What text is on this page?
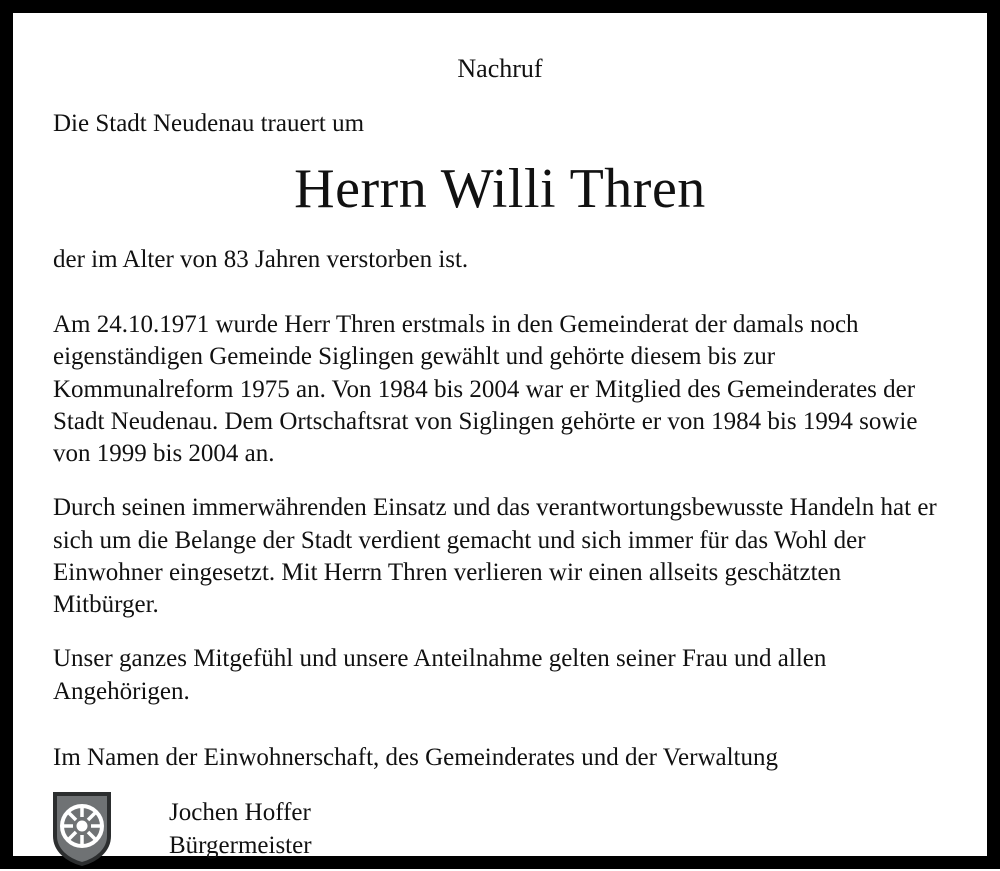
Nachruf
Die Stadt Neudenau trauert um
Herrn Willi Thren
der im Alter von 83 Jahren verstorben ist.

Am 24.10.1971 wurde Herr Thren erstmals in den Gemeinderat der damals noch eigenständigen Gemeinde Siglingen gewählt und gehörte diesem bis zur Kommunalreform 1975 an. Von 1984 bis 2004 war er Mitglied des Gemeinderates der Stadt Neudenau. Dem Ortschaftsrat von Siglingen gehörte er von 1984 bis 1994 sowie von 1999 bis 2004 an.

Durch seinen immerwährenden Einsatz und das verantwortungsbewusste Handeln hat er sich um die Belange der Stadt verdient gemacht und sich immer für das Wohl der Einwohner eingesetzt. Mit Herrn Thren verlieren wir einen allseits geschätzten Mitbürger.

Unser ganzes Mitgefühl und unsere Anteilnahme gelten seiner Frau und allen Angehörigen.

Im Namen der Einwohnerschaft, des Gemeinderates und der Verwaltung
Jochen Hoffer
Bürgermeister
